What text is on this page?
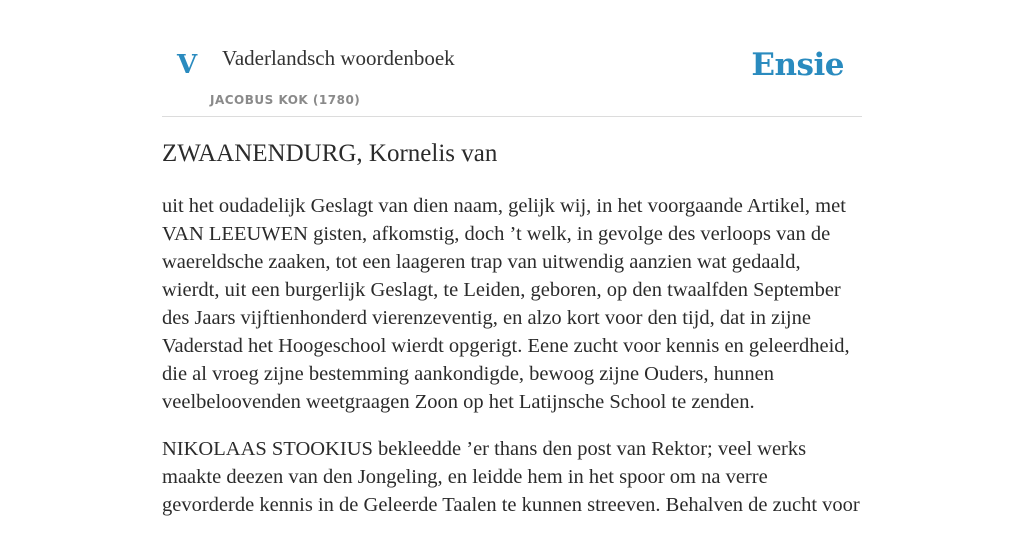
V Vaderlandsch woordenboek
JACOBUS KOK (1780)
Ensie
ZWAANENDURG, Kornelis van

uit het oudadelijk Geslagt van dien naam, gelijk wij, in het voorgaande Artikel, met VAN LEEUWEN gisten, afkomstig, doch ’t welk, in gevolge des verloops van de waereldsche zaaken, tot een laageren trap van uitwendig aanzien wat gedaald, wierdt, uit een burgerlijk Geslagt, te Leiden, geboren, op den twaalfden September des Jaars vijftienhonderd vierenzeventig, en alzo kort voor den tijd, dat in zijne Vaderstad het Hoogeschool wierdt opgerigt. Eene zucht voor kennis en geleerdheid, die al vroeg zijne bestemming aankondigde, bewoog zijne Ouders, hunnen veelbeloovenden weetgraagen Zoon op het Latijnsche School te zenden.

NIKOLAAS STOOKIUS bekleedde ’er thans den post van Rektor; veel werks maakte deezen van den Jongeling, en leidde hem in het spoor om na verre gevorderde kennis in de Geleerde Taalen te kunnen streeven. Behalven de zucht voor
